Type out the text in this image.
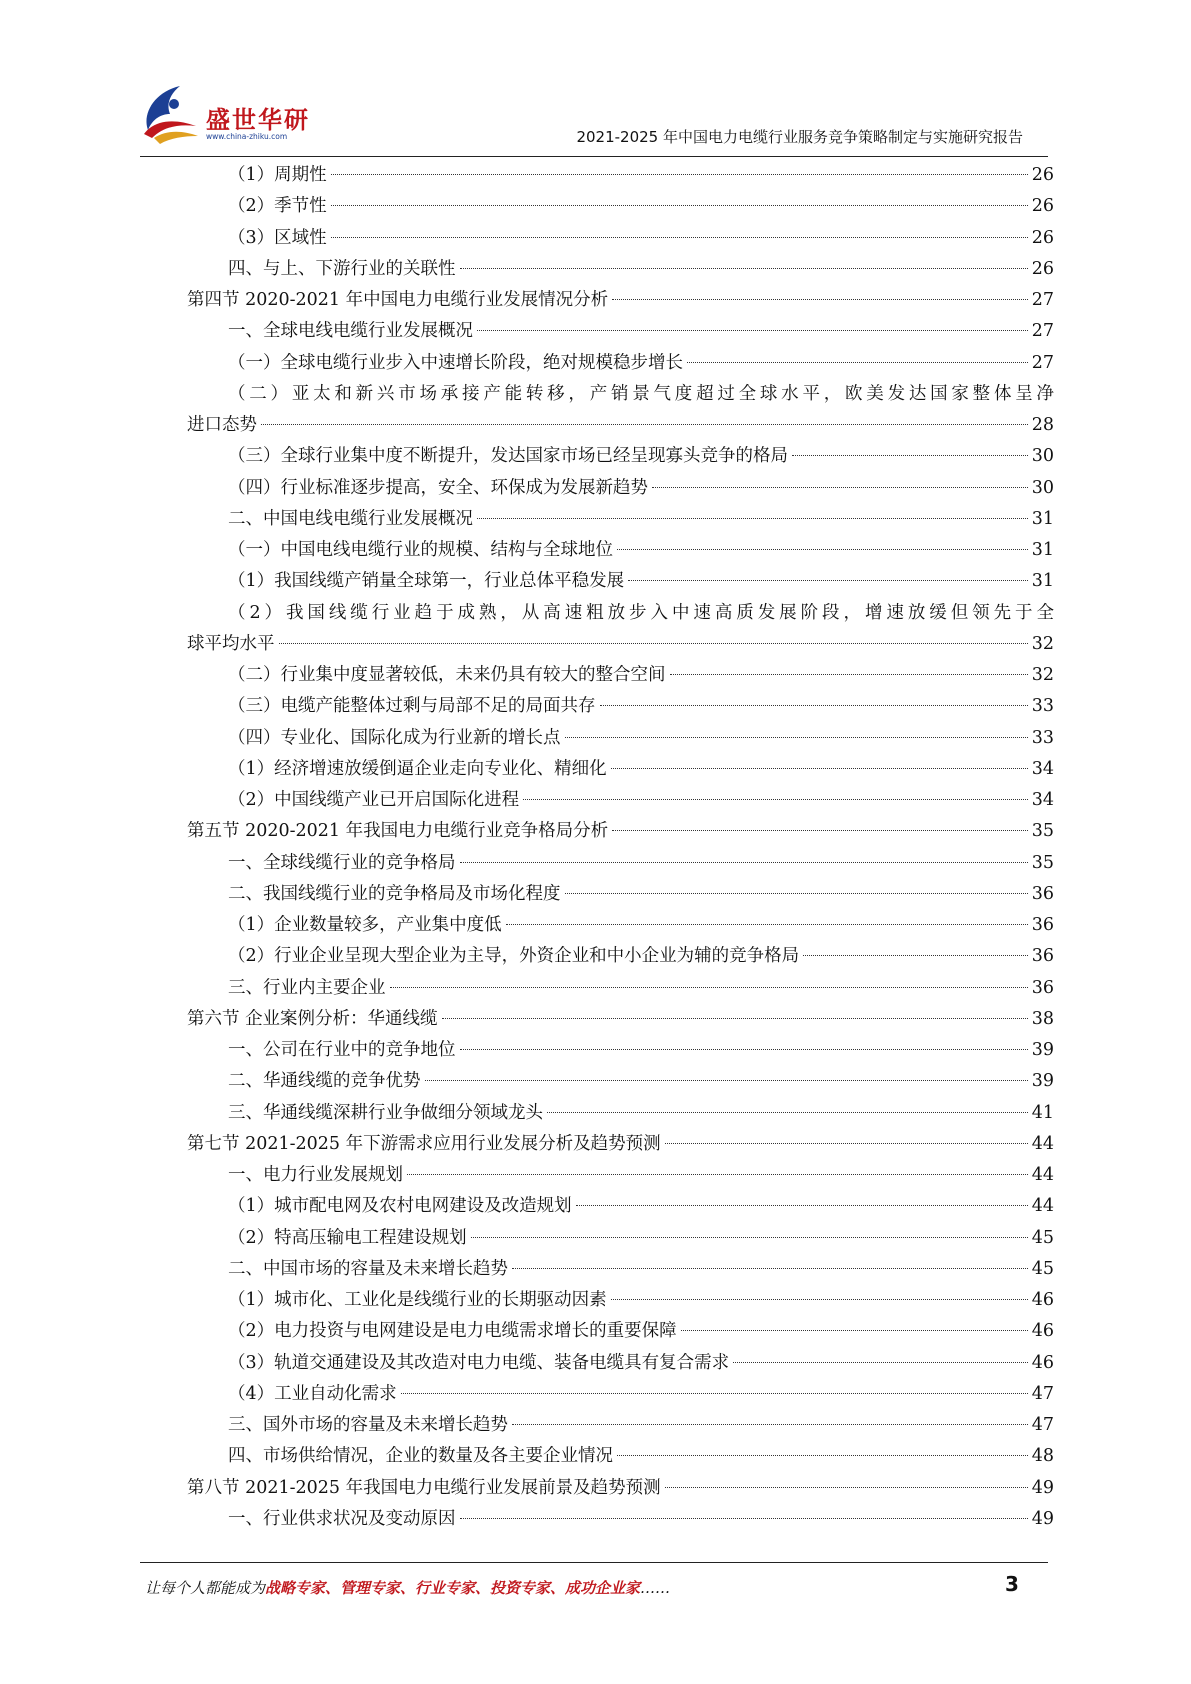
盛世华研
www.china-zhiku.com	2021-2025 年中国电力电缆行业服务竞争策略制定与实施研究报告
（1）周期性	26
（2）季节性	26
（3）区域性	26
四、与上、下游行业的关联性	26
第四节 2020-2021 年中国电力电缆行业发展情况分析	27
一、全球电线电缆行业发展概况	27
（一）全球电缆行业步入中速增长阶段，绝对规模稳步增长	27
（二）亚太和新兴市场承接产能转移，产销景气度超过全球水平，欧美发达国家整体呈净
进口态势	28
（三）全球行业集中度不断提升，发达国家市场已经呈现寡头竞争的格局	30
（四）行业标准逐步提高，安全、环保成为发展新趋势	30
二、中国电线电缆行业发展概况	31
（一）中国电线电缆行业的规模、结构与全球地位	31
（1）我国线缆产销量全球第一，行业总体平稳发展	31
（2）我国线缆行业趋于成熟，从高速粗放步入中速高质发展阶段，增速放缓但领先于全
球平均水平	32
（二）行业集中度显著较低，未来仍具有较大的整合空间	32
（三）电缆产能整体过剩与局部不足的局面共存	33
（四）专业化、国际化成为行业新的增长点	33
（1）经济增速放缓倒逼企业走向专业化、精细化	34
（2）中国线缆产业已开启国际化进程	34
第五节 2020-2021 年我国电力电缆行业竞争格局分析	35
一、全球线缆行业的竞争格局	35
二、我国线缆行业的竞争格局及市场化程度	36
（1）企业数量较多，产业集中度低	36
（2）行业企业呈现大型企业为主导，外资企业和中小企业为辅的竞争格局	36
三、行业内主要企业	36
第六节 企业案例分析：华通线缆	38
一、公司在行业中的竞争地位	39
二、华通线缆的竞争优势	39
三、华通线缆深耕行业争做细分领域龙头	41
第七节 2021-2025 年下游需求应用行业发展分析及趋势预测	44
一、电力行业发展规划	44
（1）城市配电网及农村电网建设及改造规划	44
（2）特高压输电工程建设规划	45
二、中国市场的容量及未来增长趋势	45
（1）城市化、工业化是线缆行业的长期驱动因素	46
（2）电力投资与电网建设是电力电缆需求增长的重要保障	46
（3）轨道交通建设及其改造对电力电缆、装备电缆具有复合需求	46
（4）工业自动化需求	47
三、国外市场的容量及未来增长趋势	47
四、市场供给情况，企业的数量及各主要企业情况	48
第八节 2021-2025 年我国电力电缆行业发展前景及趋势预测	49
一、行业供求状况及变动原因	49
让每个人都能成为战略专家、管理专家、行业专家、投资专家、成功企业家……	3
